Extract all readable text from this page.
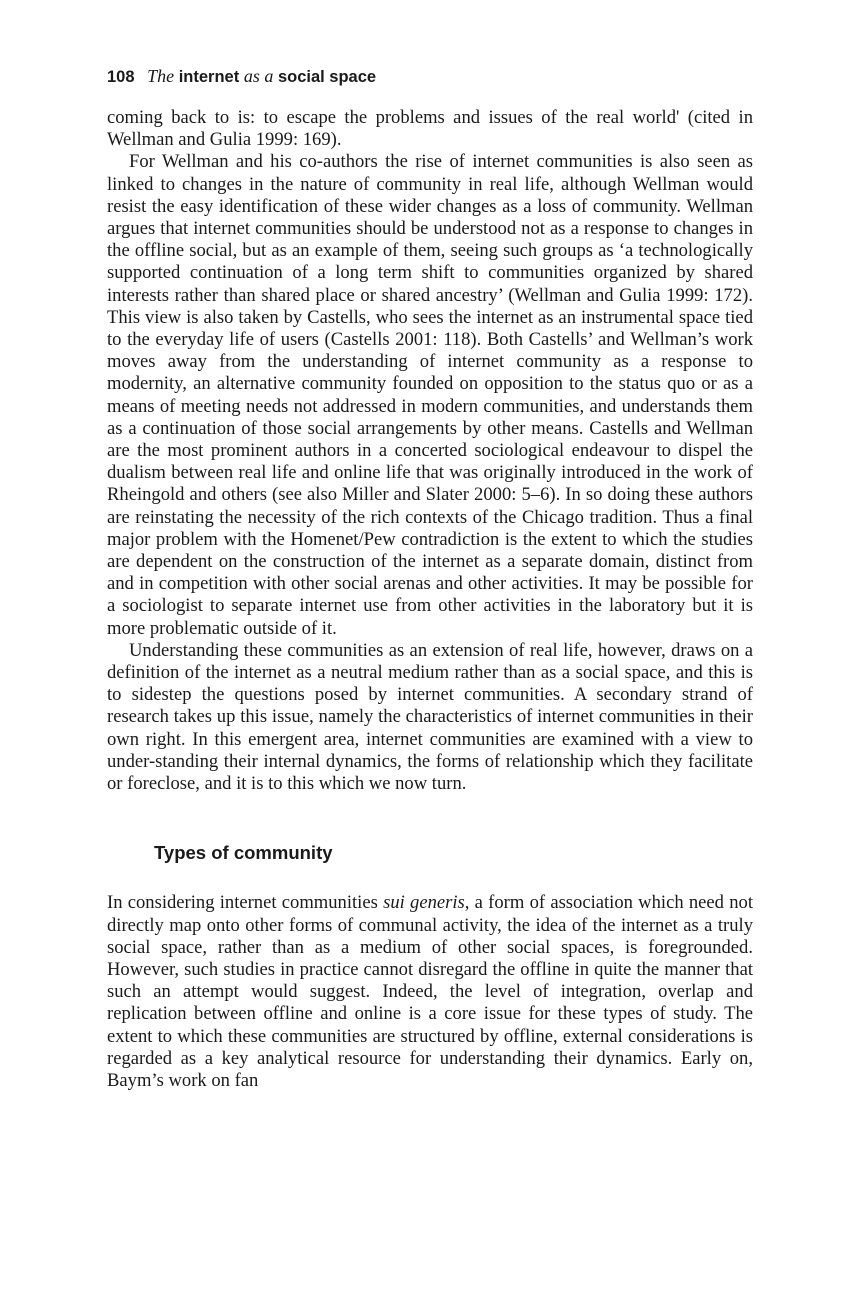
108 The internet as a social space

coming back to is: to escape the problems and issues of the real world' (cited in Wellman and Gulia 1999: 169).

For Wellman and his co-authors the rise of internet communities is also seen as linked to changes in the nature of community in real life, although Wellman would resist the easy identification of these wider changes as a loss of community. Wellman argues that internet communities should be understood not as a response to changes in the offline social, but as an example of them, seeing such groups as ‘a technologically supported continuation of a long term shift to communities organized by shared interests rather than shared place or shared ancestry’ (Wellman and Gulia 1999: 172). This view is also taken by Castells, who sees the internet as an instrumental space tied to the everyday life of users (Castells 2001: 118). Both Castells’ and Wellman’s work moves away from the understanding of internet community as a response to modernity, an alternative community founded on opposition to the status quo or as a means of meeting needs not addressed in modern communities, and understands them as a continuation of those social arrangements by other means. Castells and Wellman are the most prominent authors in a concerted sociological endeavour to dispel the dualism between real life and online life that was originally introduced in the work of Rheingold and others (see also Miller and Slater 2000: 5–6). In so doing these authors are reinstating the necessity of the rich contexts of the Chicago tradition. Thus a final major problem with the Homenet/Pew contradiction is the extent to which the studies are dependent on the construction of the internet as a separate domain, distinct from and in competition with other social arenas and other activities. It may be possible for a sociologist to separate internet use from other activities in the laboratory but it is more problematic outside of it.

Understanding these communities as an extension of real life, however, draws on a definition of the internet as a neutral medium rather than as a social space, and this is to sidestep the questions posed by internet communities. A secondary strand of research takes up this issue, namely the characteristics of internet communities in their own right. In this emergent area, internet communities are examined with a view to under-standing their internal dynamics, the forms of relationship which they facilitate or foreclose, and it is to this which we now turn.

Types of community

In considering internet communities sui generis, a form of association which need not directly map onto other forms of communal activity, the idea of the internet as a truly social space, rather than as a medium of other social spaces, is foregrounded. However, such studies in practice cannot disregard the offline in quite the manner that such an attempt would suggest. Indeed, the level of integration, overlap and replication between offline and online is a core issue for these types of study. The extent to which these communities are structured by offline, external considerations is regarded as a key analytical resource for understanding their dynamics. Early on, Baym’s work on fan
